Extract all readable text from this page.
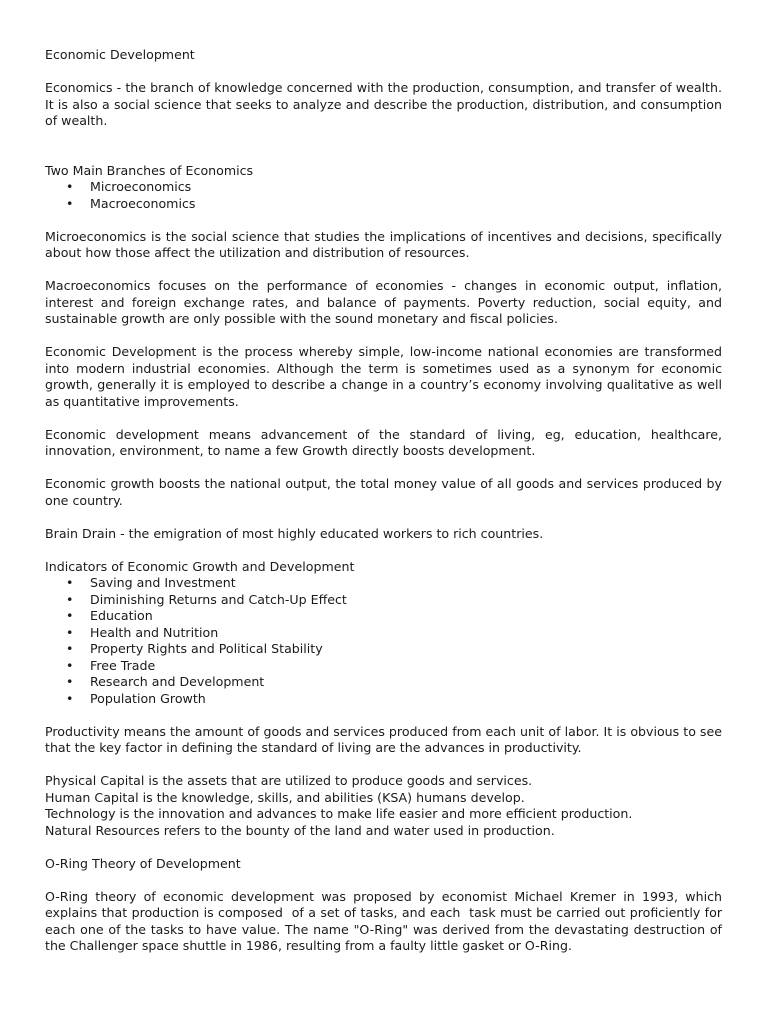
Economic Development

Economics - the branch of knowledge concerned with the production, consumption, and transfer of wealth. It is also a social science that seeks to analyze and describe the production, distribution, and consumption of wealth.

Two Main Branches of Economics

• Microeconomics
• Macroeconomics

Microeconomics is the social science that studies the implications of incentives and decisions, specifically about how those affect the utilization and distribution of resources.

Macroeconomics focuses on the performance of economies - changes in economic output, inflation, interest and foreign exchange rates, and balance of payments. Poverty reduction, social equity, and sustainable growth are only possible with the sound monetary and fiscal policies.

Economic Development is the process whereby simple, low-income national economies are transformed into modern industrial economies. Although the term is sometimes used as a synonym for economic growth, generally it is employed to describe a change in a country’s economy involving qualitative as well as quantitative improvements.

Economic development means advancement of the standard of living, eg, education, healthcare, innovation, environment, to name a few Growth directly boosts development.

Economic growth boosts the national output, the total money value of all goods and services produced by one country.

Brain Drain - the emigration of most highly educated workers to rich countries.

Indicators of Economic Growth and Development

• Saving and Investment
• Diminishing Returns and Catch-Up Effect
• Education
• Health and Nutrition
• Property Rights and Political Stability
• Free Trade
• Research and Development
• Population Growth

Productivity means the amount of goods and services produced from each unit of labor. It is obvious to see that the key factor in defining the standard of living are the advances in productivity.

Physical Capital is the assets that are utilized to produce goods and services.

Human Capital is the knowledge, skills, and abilities (KSA) humans develop.

Technology is the innovation and advances to make life easier and more efficient production.

Natural Resources refers to the bounty of the land and water used in production.

O-Ring Theory of Development

O-Ring theory of economic development was proposed by economist Michael Kremer in 1993, which explains that production is composed  of a set of tasks, and each  task must be carried out proficiently for each one of the tasks to have value. The name "O-Ring" was derived from the devastating destruction of the Challenger space shuttle in 1986, resulting from a faulty little gasket or O-Ring.
